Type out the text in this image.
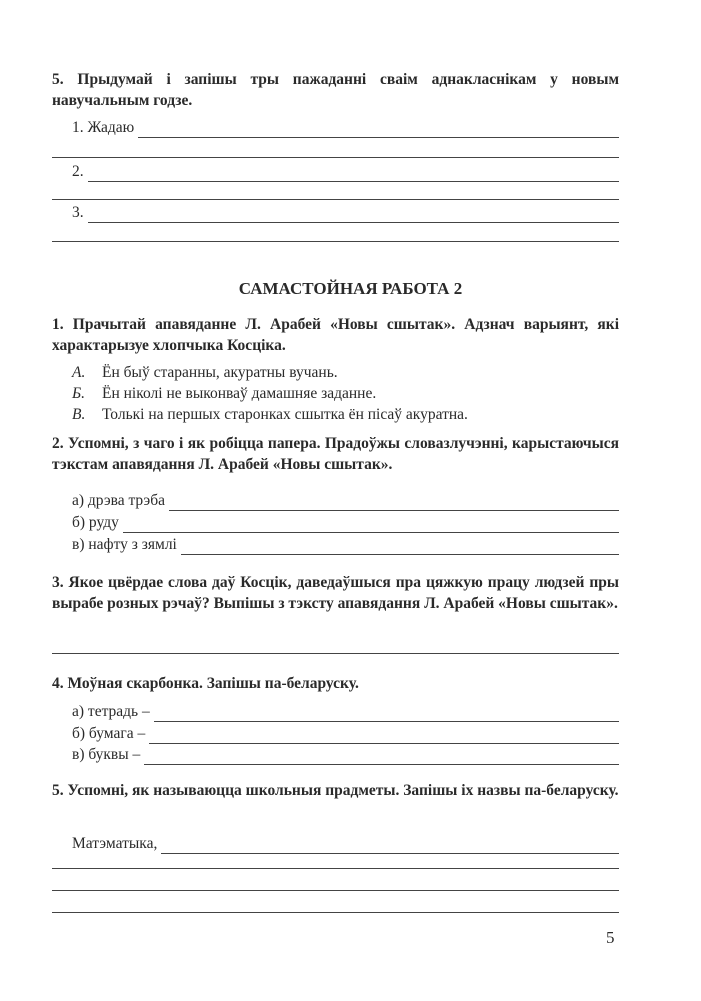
5. Прыдумай і запішы тры пажаданні сваім аднакласнікам у новым навучальным годзе.
1. Жадаю
2.
3.
САМАСТОЙНАЯ РАБОТА 2
1. Прачытай апавяданне Л. Арабей «Новы сшытак». Адзнач варыянт, які характарызуе хлопчыка Косціка.
А.	Ён быў стаpанны, акуратны вучань.
Б.	Ён ніколі не выконваў дамашняе заданне.
В.	Толькі на першых старонках сшытка ён пісаў акуратна.
2. Успомні, з чаго і як робіцца папера. Прадоўжы словазлучэнні, карыстаючыся тэкстам апавядання Л. Арабей «Новы сшытак».
а) дрэва трэба
б) руду
в) нафту з зямлі
3. Якое цвёрдае слова даў Косцік, даведаўшыся пра цяжкую працу людзей пры вырабе розных рэчаў? Выпішы з тэксту апавядання Л. Арабей «Новы сшытак».
4. Моўная скарбонка. Запішы па-беларуску.
а) тетрадь –
б) бумага –
в) буквы –
5. Успомні, як называюцца школьныя прадметы. Запішы іх назвы па-беларуску.
Матэматыка,
5
